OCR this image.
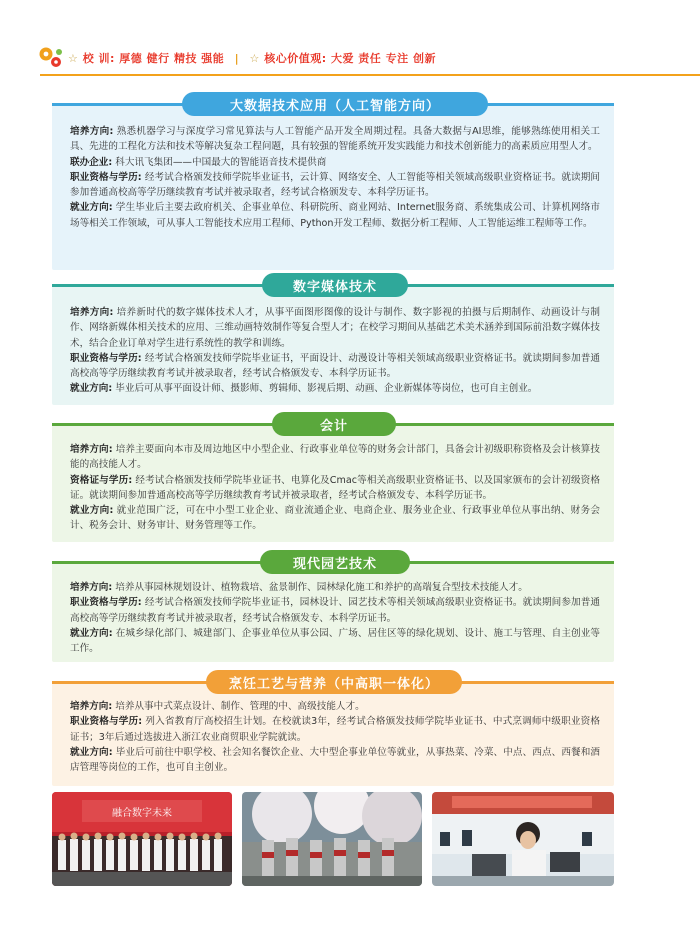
☆ 校 训: 厚德 健行 精技 强能 | ☆ 核心价值观: 大爱 责任 专注 创新
大数据技术应用（人工智能方向）

培养方向: 熟悉机器学习与深度学习常见算法与人工智能产品开发全周期过程。具备大数据与AI思维，能够熟练使用相关工具、先进的工程化方法和技术等解决复杂工程问题，具有较强的智能系统开发实践能力和技术创新能力的高素质应用型人才。

联办企业: 科大讯飞集团——中国最大的智能语音技术提供商

职业资格与学历: 经考试合格颁发技师学院毕业证书，云计算、网络安全、人工智能等相关领域高级职业资格证书。就读期间参加普通高校高等学历继续教育考试并被录取者，经考试合格颁发专、本科学历证书。

就业方向: 学生毕业后主要去政府机关、企事业单位、科研院所、商业网站、Internet服务商、系统集成公司、计算机网络市场等相关工作领域，可从事人工智能技术应用工程师、Python开发工程师、数据分析工程师、人工智能运维工程师等工作。

数字媒体技术

培养方向: 培养新时代的数字媒体技术人才，从事平面图形图像的设计与制作、数字影视的拍摄与后期制作、动画设计与制作、网络新媒体相关技术的应用、三维动画特效制作等复合型人才；在校学习期间从基础艺术美术涵养到国际前沿数字媒体技术，结合企业订单对学生进行系统性的教学和训练。

职业资格与学历: 经考试合格颁发技师学院毕业证书，平面设计、动漫设计等相关领域高级职业资格证书。就读期间参加普通高校高等学历继续教育考试并被录取者，经考试合格颁发专、本科学历证书。

就业方向: 毕业后可从事平面设计师、摄影师、剪辑师、影视后期、动画、企业新媒体等岗位，也可自主创业。

会计

培养方向: 培养主要面向本市及周边地区中小型企业、行政事业单位等的财务会计部门，具备会计初级职称资格及会计核算技能的高技能人才。

资格证与学历: 经考试合格颁发技师学院毕业证书、电算化及Cmac等相关高级职业资格证书、以及国家颁布的会计初级资格证。就读期间参加普通高校高等学历继续教育考试并被录取者，经考试合格颁发专、本科学历证书。

就业方向: 就业范围广泛，可在中小型工业企业、商业流通企业、电商企业、服务业企业、行政事业单位从事出纳、财务会计、税务会计、财务审计、财务管理等工作。

现代园艺技术

培养方向: 培养从事园林规划设计、植物栽培、盆景制作、园林绿化施工和养护的高端复合型技术技能人才。

职业资格与学历: 经考试合格颁发技师学院毕业证书，园林设计、园艺技术等相关领域高级职业资格证书。就读期间参加普通高校高等学历继续教育考试并被录取者，经考试合格颁发专、本科学历证书。

就业方向: 在城乡绿化部门、城建部门、企事业单位从事公园、广场、居住区等的绿化规划、设计、施工与管理、自主创业等工作。

烹饪工艺与营养（中高职一体化）

培养方向: 培养从事中式菜点设计、制作、管理的中、高级技能人才。

职业资格与学历: 列入省教育厅高校招生计划。在校就读3年，经考试合格颁发技师学院毕业证书、中式烹调师中级职业资格证书；3年后通过选拔进入浙江农业商贸职业学院就读。

就业方向: 毕业后可前往中职学校、社会知名餐饮企业、大中型企事业单位等就业，从事热菜、冷菜、中点、西点、西餐和酒店管理等岗位的工作，也可自主创业。

融合数字未来
